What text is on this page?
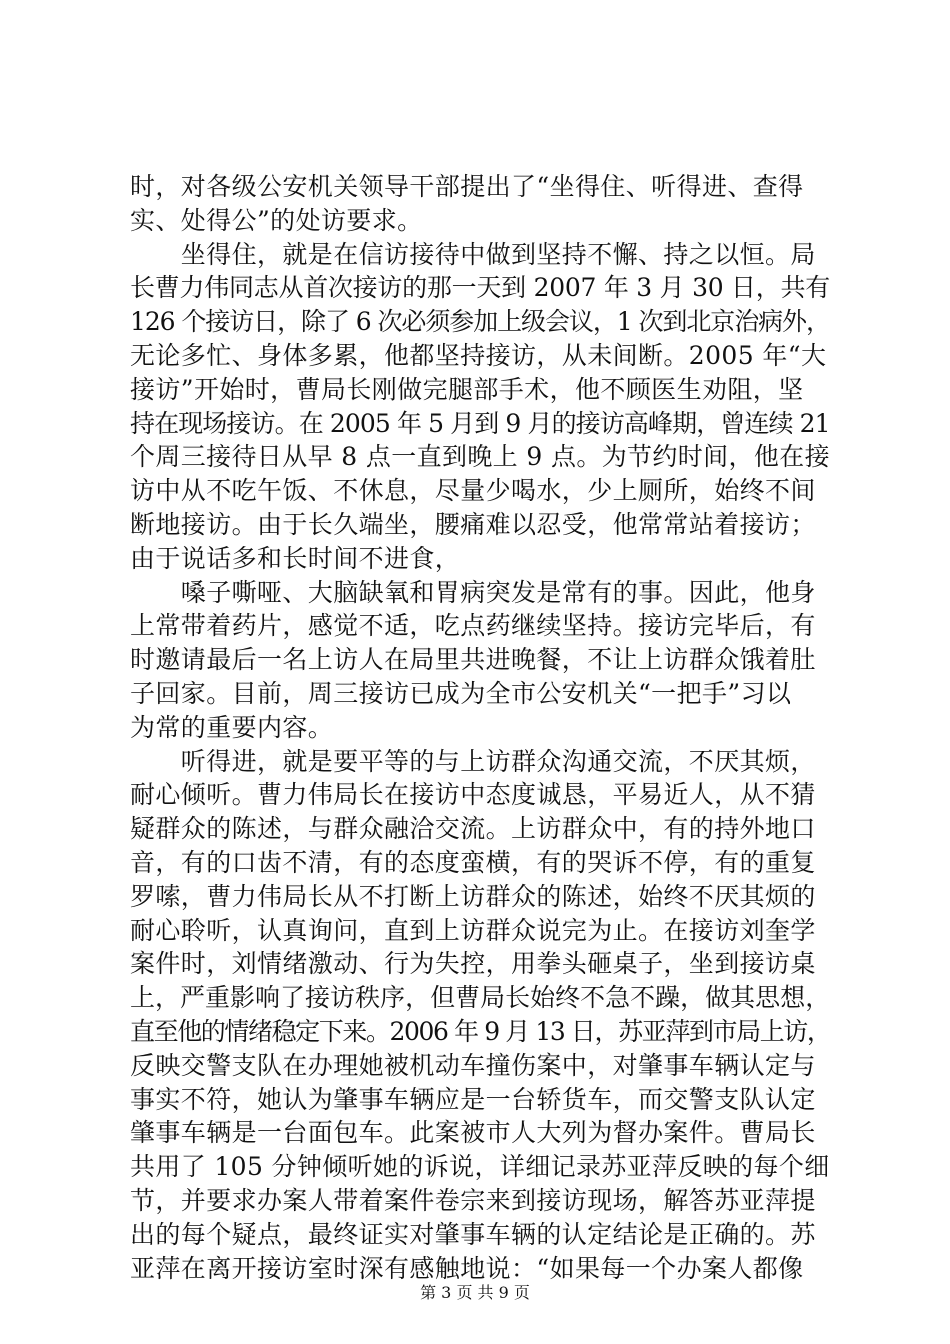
时，对各级公安机关领导干部提出了“坐得住、听得进、查得
实、处得公”的处访要求。
　　坐得住，就是在信访接待中做到坚持不懈、持之以恒。局
长曹力伟同志从首次接访的那一天到 2007 年 3 月 30 日，共有
126 个接访日，除了 6 次必须参加上级会议，1 次到北京治病外，
无论多忙、身体多累，他都坚持接访，从未间断。2005 年“大
接访”开始时，曹局长刚做完腿部手术，他不顾医生劝阻，坚
持在现场接访。在 2005 年 5 月到 9 月的接访高峰期，曾连续 21
个周三接待日从早 8 点一直到晚上 9 点。为节约时间，他在接
访中从不吃午饭、不休息，尽量少喝水，少上厕所，始终不间
断地接访。由于长久端坐，腰痛难以忍受，他常常站着接访；
由于说话多和长时间不进食，
　　嗓子嘶哑、大脑缺氧和胃病突发是常有的事。因此，他身
上常带着药片，感觉不适，吃点药继续坚持。接访完毕后，有
时邀请最后一名上访人在局里共进晚餐，不让上访群众饿着肚
子回家。目前，周三接访已成为全市公安机关“一把手”习以
为常的重要内容。
　　听得进，就是要平等的与上访群众沟通交流，不厌其烦，
耐心倾听。曹力伟局长在接访中态度诚恳，平易近人，从不猜
疑群众的陈述，与群众融洽交流。上访群众中，有的持外地口
音，有的口齿不清，有的态度蛮横，有的哭诉不停，有的重复
罗嗦，曹力伟局长从不打断上访群众的陈述，始终不厌其烦的
耐心聆听，认真询问，直到上访群众说完为止。在接访刘奎学
案件时，刘情绪激动、行为失控，用拳头砸桌子，坐到接访桌
上，严重影响了接访秩序，但曹局长始终不急不躁，做其思想，
直至他的情绪稳定下来。2006 年 9 月 13 日，苏亚萍到市局上访，
反映交警支队在办理她被机动车撞伤案中，对肇事车辆认定与
事实不符，她认为肇事车辆应是一台轿货车，而交警支队认定
肇事车辆是一台面包车。此案被市人大列为督办案件。曹局长
共用了 105 分钟倾听她的诉说，详细记录苏亚萍反映的每个细
节，并要求办案人带着案件卷宗来到接访现场，解答苏亚萍提
出的每个疑点，最终证实对肇事车辆的认定结论是正确的。苏
亚萍在离开接访室时深有感触地说：“如果每一个办案人都像
第 3 页 共 9 页
